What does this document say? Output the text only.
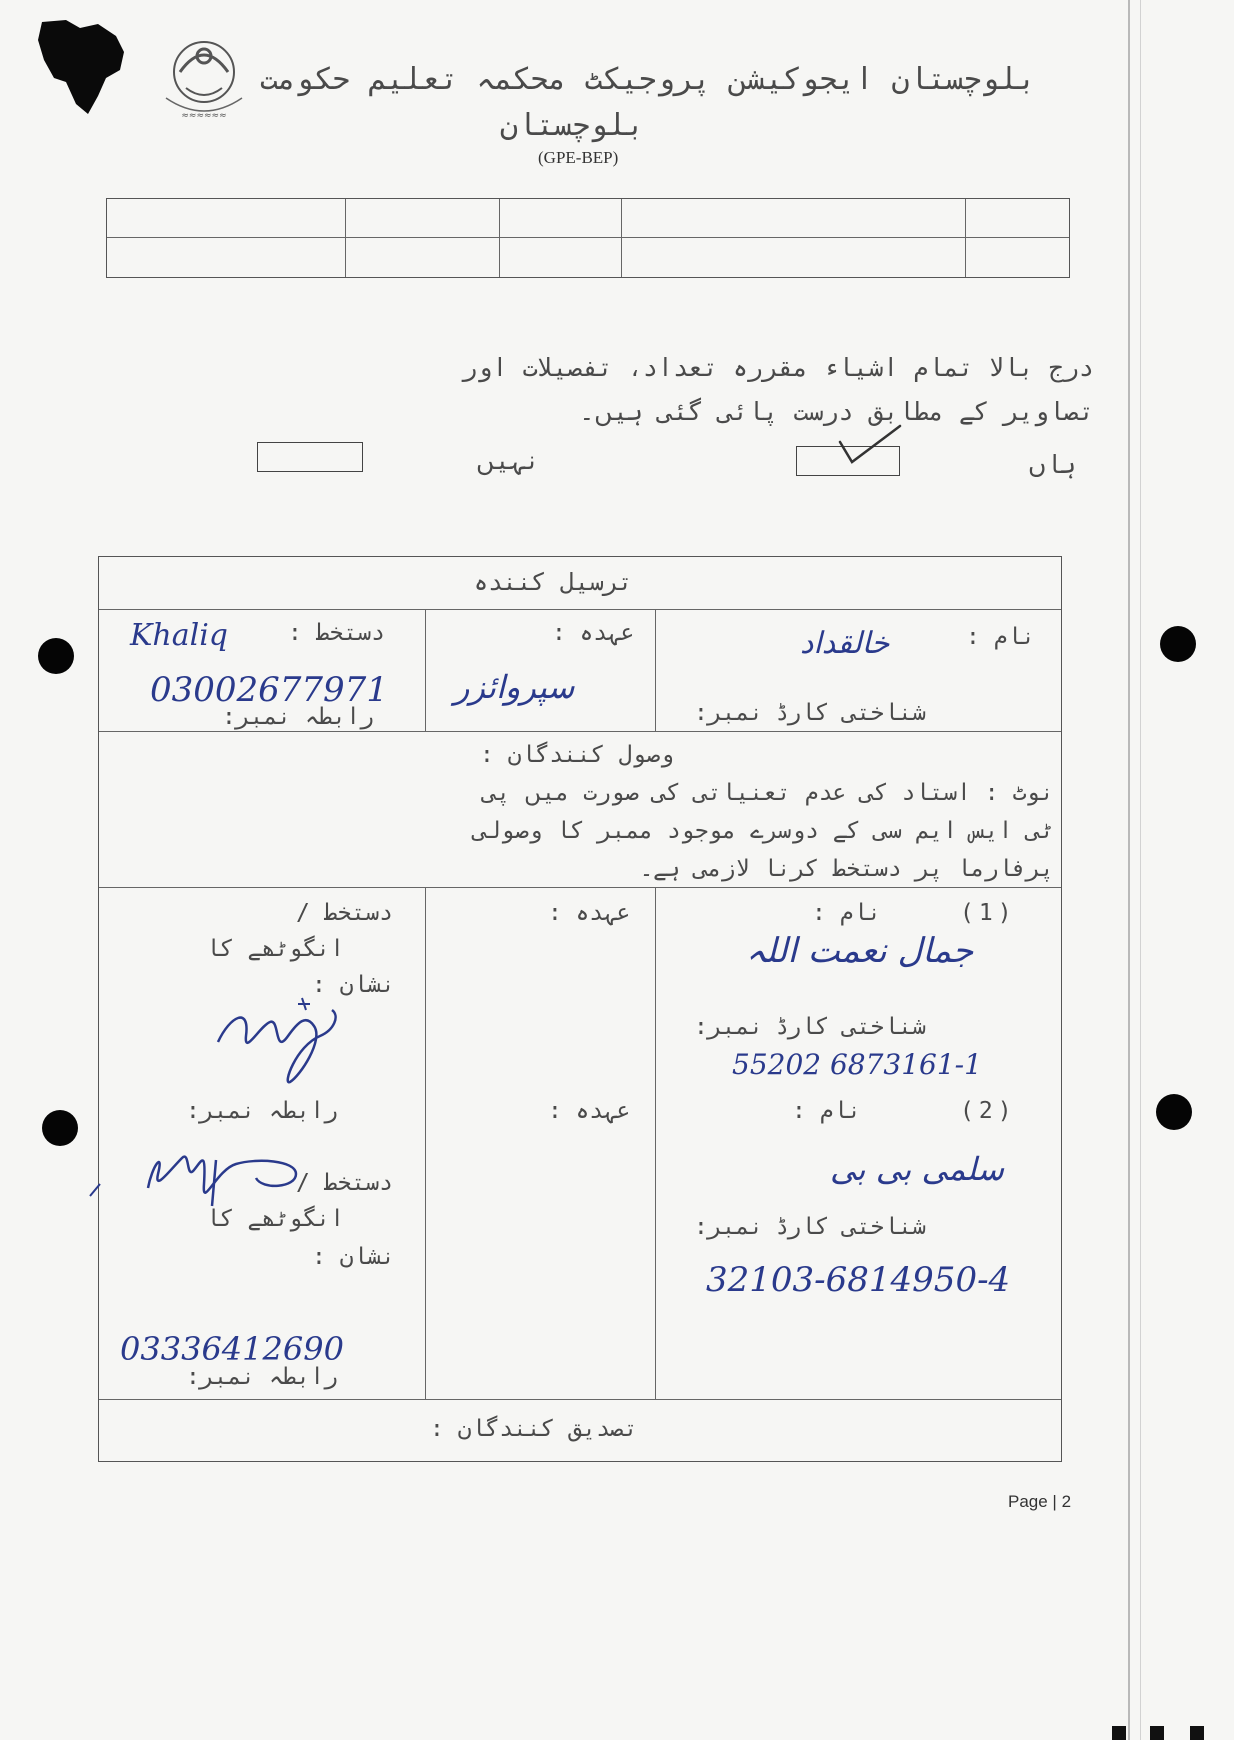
≈≈≈≈≈≈
بلوچستان ایجوکیشن پروجیکٹ محکمہ تعلیم حکومت
بلوچستان
(GPE-BEP)
درج بالا تمام اشیاء مقررہ تعداد، تفصیلات اور
تصاویر کے مطابق درست پائی گئی ہیں۔
نہیں	ہاں
ترسیل کنندہ
نام :
خالقداد
شناختی کارڈ نمبر:
عہدہ :
سپروائزر
دستخط :
Khaliq
03002677971
رابطہ نمبر:
وصول کنندگان :
نوٹ : استاد کی عدم تعنیاتی کی صورت میں پی
ٹی ایس ایم سی کے دوسرے موجود ممبر کا وصولی
پرفارما پر دستخط کرنا لازمی ہے۔
(1)
نام :
جمال نعمت اللہ
شناختی کارڈ نمبر:
55202 6873161-1
عہدہ :
دستخط /
انگوٹھے کا
نشان :
رابطہ نمبر:	(2)
نام :
سلمی بی بی
شناختی کارڈ نمبر:
32103-6814950-4
عہدہ :
دستخط /
انگوٹھے کا
نشان :
03336412690
رابطہ نمبر:
تصدیق کنندگان :
Page | 2
